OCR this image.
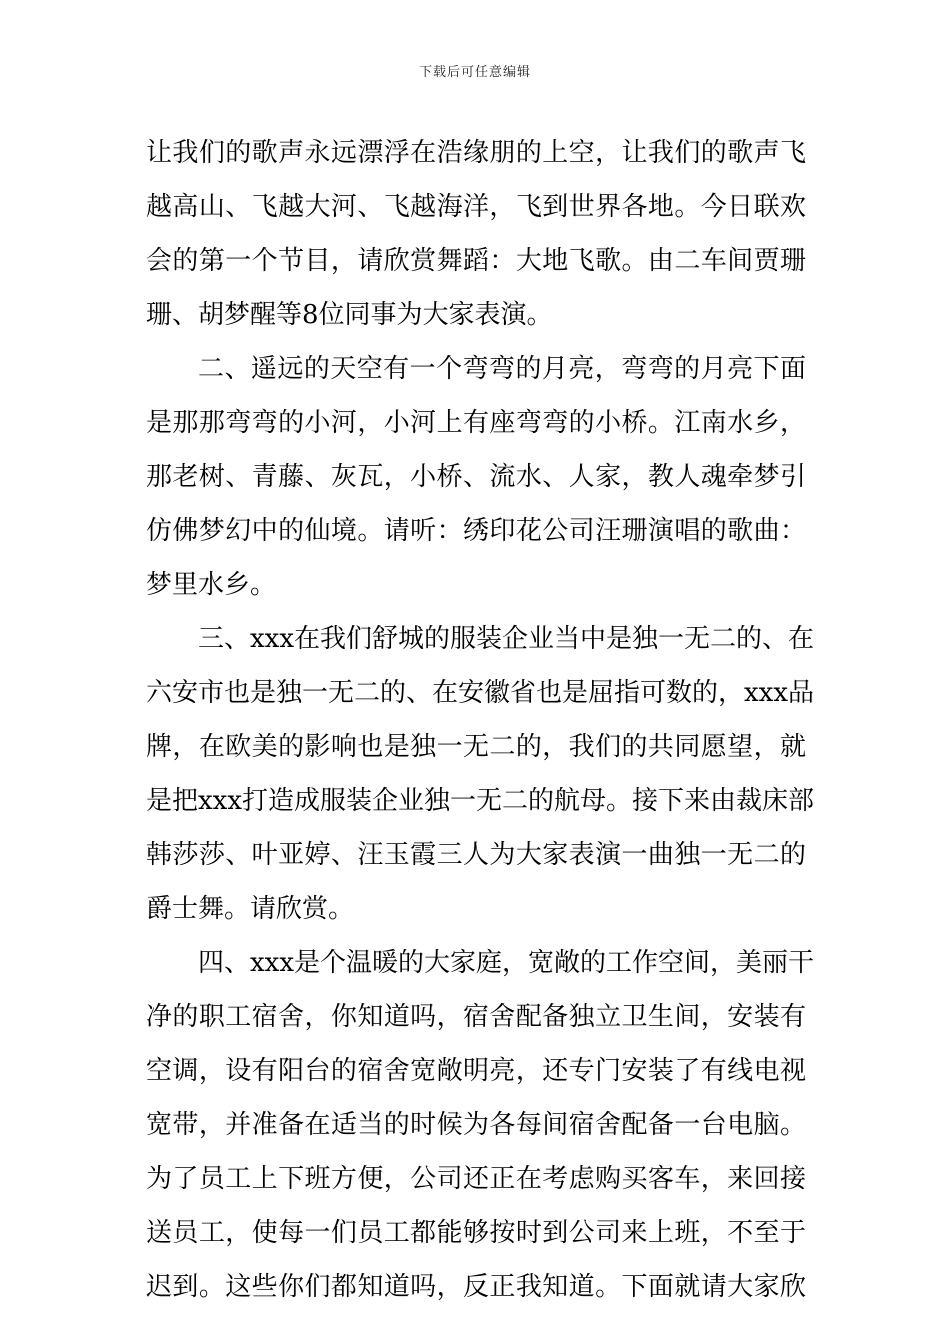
下载后可任意编辑
让我们的歌声永远漂浮在浩缘朋的上空，让我们的歌声飞
越高山、飞越大河、飞越海洋，飞到世界各地。今日联欢
会的第一个节目，请欣赏舞蹈：大地飞歌。由二车间贾珊
珊、胡梦醒等8位同事为大家表演。
二、遥远的天空有一个弯弯的月亮，弯弯的月亮下面
是那那弯弯的小河，小河上有座弯弯的小桥。江南水乡，
那老树、青藤、灰瓦，小桥、流水、人家，教人魂牵梦引
仿佛梦幻中的仙境。请听：绣印花公司汪珊演唱的歌曲：
梦里水乡。
三、xxx在我们舒城的服装企业当中是独一无二的、在
六安市也是独一无二的、在安徽省也是屈指可数的，xxx品
牌，在欧美的影响也是独一无二的，我们的共同愿望，就
是把xxx打造成服装企业独一无二的航母。接下来由裁床部
韩莎莎、叶亚婷、汪玉霞三人为大家表演一曲独一无二的
爵士舞。请欣赏。
四、xxx是个温暖的大家庭，宽敞的工作空间，美丽干
净的职工宿舍，你知道吗，宿舍配备独立卫生间，安装有
空调，设有阳台的宿舍宽敞明亮，还专门安装了有线电视
宽带，并准备在适当的时候为各每间宿舍配备一台电脑。
为了员工上下班方便，公司还正在考虑购买客车，来回接
送员工，使每一们员工都能够按时到公司来上班，不至于
迟到。这些你们都知道吗，反正我知道。下面就请大家欣
